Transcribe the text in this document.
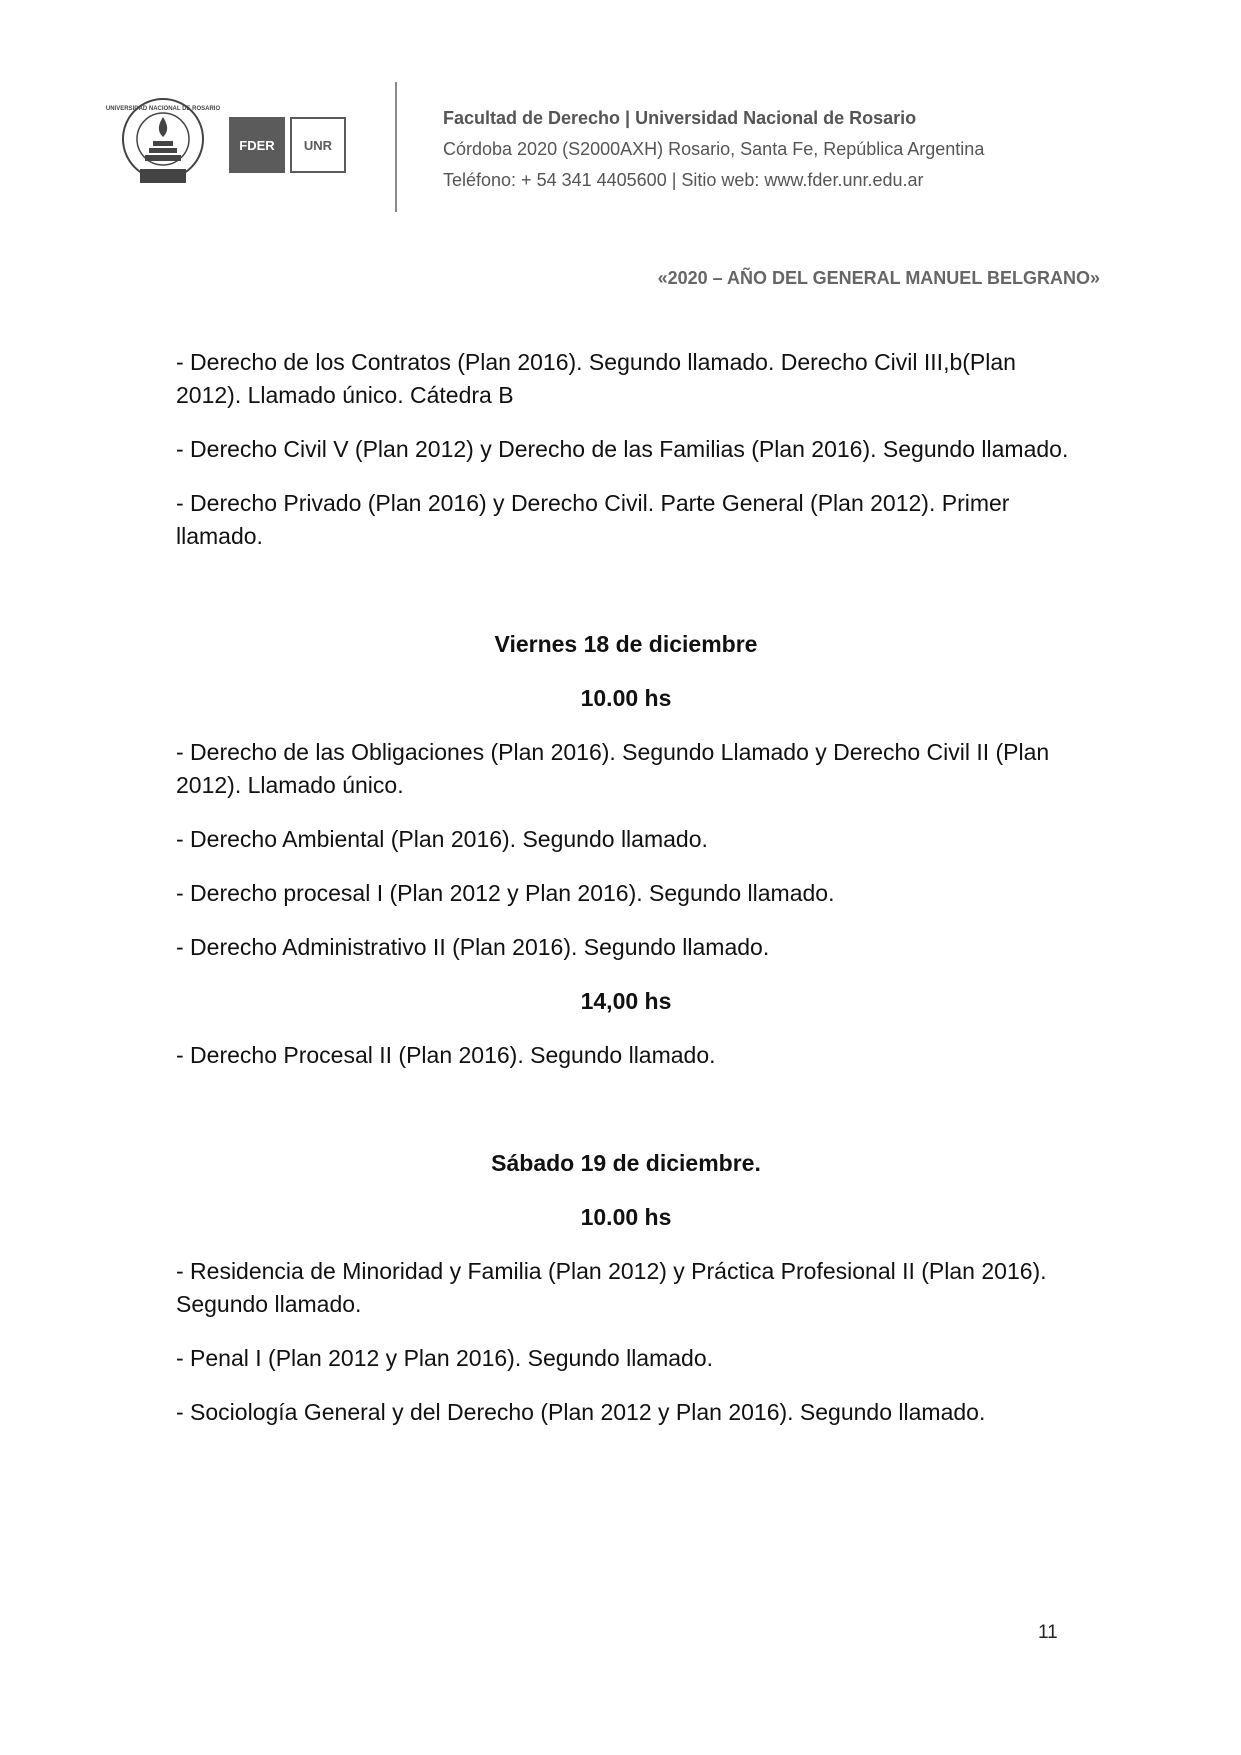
UNIVERSIDAD NACIONAL DE ROSARIO
FDER	UNR
Facultad de Derecho | Universidad Nacional de Rosario
Córdoba 2020 (S2000AXH) Rosario, Santa Fe, República Argentina
Teléfono: + 54 341 4405600 | Sitio web: www.fder.unr.edu.ar
«2020 – AÑO DEL GENERAL MANUEL BELGRANO»

- Derecho de los Contratos (Plan 2016). Segundo llamado. Derecho Civil III,b(Plan 2012). Llamado único. Cátedra B

- Derecho Civil V (Plan 2012) y Derecho de las Familias (Plan 2016). Segundo llamado.

- Derecho Privado (Plan 2016) y Derecho Civil. Parte General (Plan 2012). Primer llamado.

Viernes 18 de diciembre

10.00 hs

- Derecho de las Obligaciones (Plan 2016). Segundo Llamado y Derecho Civil II (Plan 2012). Llamado único.

- Derecho Ambiental (Plan 2016). Segundo llamado.

- Derecho procesal I (Plan 2012 y Plan 2016). Segundo llamado.

- Derecho Administrativo II (Plan 2016). Segundo llamado.

14,00 hs

- Derecho Procesal II (Plan 2016). Segundo llamado.

Sábado 19 de diciembre.

10.00 hs

- Residencia de Minoridad y Familia (Plan 2012) y Práctica Profesional II (Plan 2016). Segundo llamado.

- Penal I (Plan 2012 y Plan 2016). Segundo llamado.

- Sociología General y del Derecho (Plan 2012 y Plan 2016). Segundo llamado.

11
